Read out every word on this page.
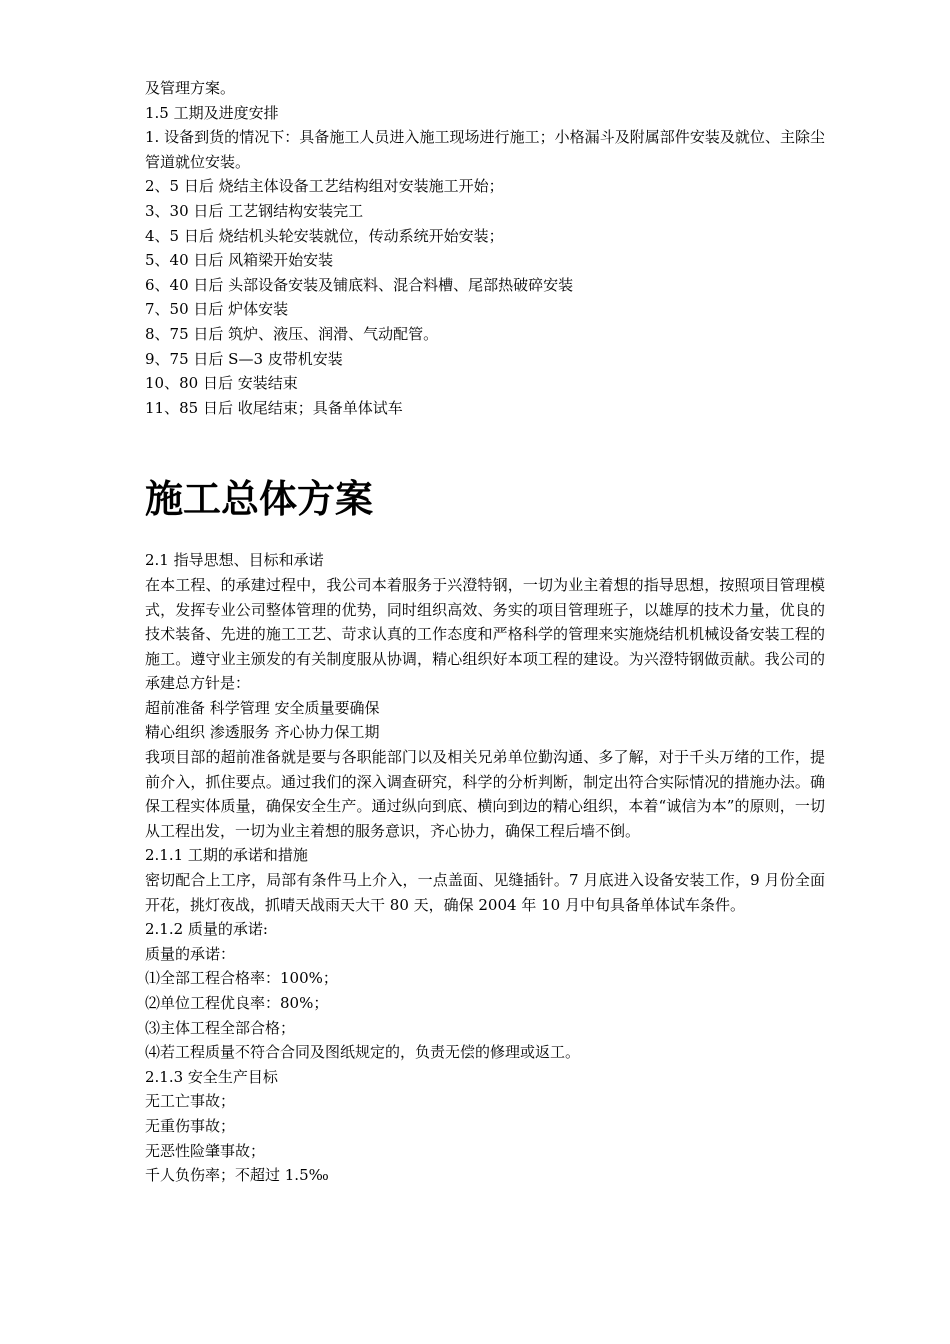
及管理方案。

1.5 工期及进度安排

1. 设备到货的情况下：具备施工人员进入施工现场进行施工；小格漏斗及附属部件安装及就位、主除尘管道就位安装。

2、5 日后 烧结主体设备工艺结构组对安装施工开始；

3、30 日后 工艺钢结构安装完工

4、5 日后 烧结机头轮安装就位，传动系统开始安装；

5、40 日后 风箱梁开始安装

6、40 日后 头部设备安装及铺底料、混合料槽、尾部热破碎安装

7、50 日后 炉体安装

8、75 日后 筑炉、液压、润滑、气动配管。

9、75 日后 S—3 皮带机安装

10、80 日后 安装结束

11、85 日后 收尾结束；具备单体试车

施工总体方案

2.1 指导思想、目标和承诺

在本工程、的承建过程中，我公司本着服务于兴澄特钢，一切为业主着想的指导思想，按照项目管理模式，发挥专业公司整体管理的优势，同时组织高效、务实的项目管理班子，以雄厚的技术力量，优良的技术装备、先进的施工工艺、苛求认真的工作态度和严格科学的管理来实施烧结机机械设备安装工程的施工。遵守业主颁发的有关制度服从协调，精心组织好本项工程的建设。为兴澄特钢做贡献。我公司的承建总方针是：

超前准备 科学管理 安全质量要确保

精心组织 渗透服务 齐心协力保工期

我项目部的超前准备就是要与各职能部门以及相关兄弟单位勤沟通、多了解，对于千头万绪的工作，提前介入，抓住要点。通过我们的深入调查研究，科学的分析判断，制定出符合实际情况的措施办法。确保工程实体质量，确保安全生产。通过纵向到底、横向到边的精心组织，本着“诚信为本”的原则，一切从工程出发，一切为业主着想的服务意识，齐心协力，确保工程后墙不倒。

2.1.1 工期的承诺和措施

密切配合上工序，局部有条件马上介入，一点盖面、见缝插针。7 月底进入设备安装工作，9 月份全面开花，挑灯夜战，抓晴天战雨天大干 80 天，确保 2004 年 10 月中旬具备单体试车条件。

2.1.2 质量的承诺:

质量的承诺：

⑴全部工程合格率：100%；

⑵单位工程优良率：80%；

⑶主体工程全部合格；

⑷若工程质量不符合合同及图纸规定的，负责无偿的修理或返工。

2.1.3 安全生产目标

无工亡事故；

无重伤事故；

无恶性险肇事故；

千人负伤率；不超过 1.5‰
